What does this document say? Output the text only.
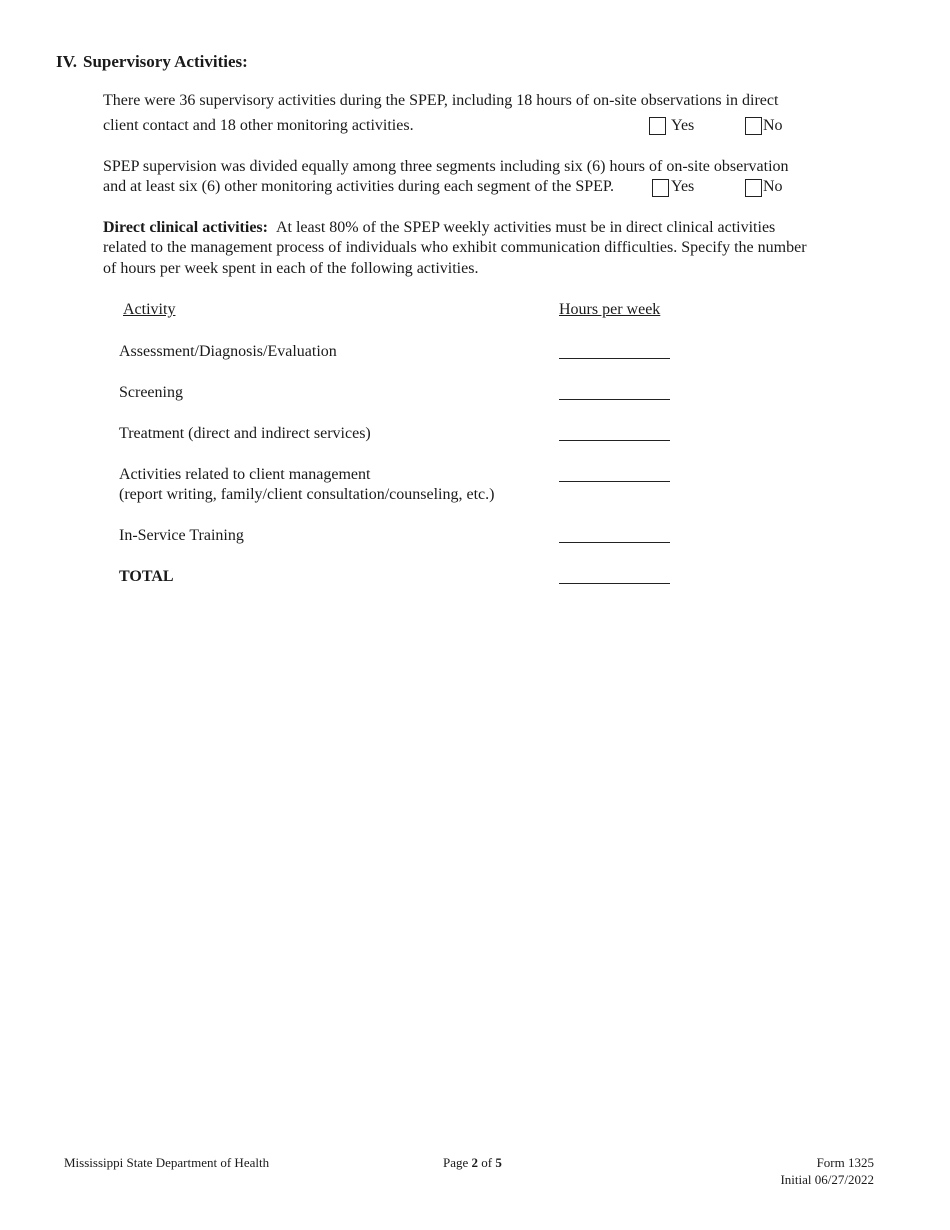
IV. Supervisory Activities:
There were 36 supervisory activities during the SPEP, including 18 hours of on-site observations in direct
client contact and 18 other monitoring activities.	Yes	No
SPEP supervision was divided equally among three segments including six (6) hours of on-site observation
and at least six (6) other monitoring activities during each segment of the SPEP.	Yes	No
Direct clinical activities: At least 80% of the SPEP weekly activities must be in direct clinical activities
related to the management process of individuals who exhibit communication difficulties. Specify the number
of hours per week spent in each of the following activities.
Activity	Hours per week
Assessment/Diagnosis/Evaluation
Screening
Treatment (direct and indirect services)
Activities related to client management
(report writing, family/client consultation/counseling, etc.)
In-Service Training
TOTAL
Mississippi State Department of Health	Page 2 of 5	Form 1325
Initial 06/27/2022
